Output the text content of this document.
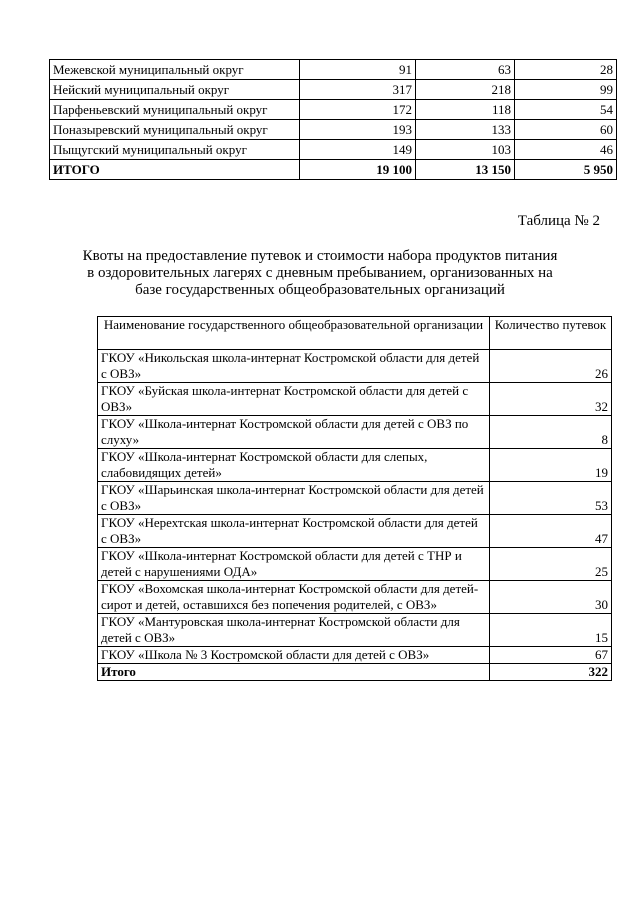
Межевской муниципальный округ	91	63	28
Нейский муниципальный округ	317	218	99
Парфеньевский муниципальный округ	172	118	54
Поназыревский муниципальный округ	193	133	60
Пыщугский муниципальный округ	149	103	46
ИТОГО	19 100	13 150	5 950

Таблица № 2

Квоты на предоставление путевок и стоимости набора продуктов питания в оздоровительных лагерях с дневным пребыванием, организованных на базе государственных общеобразовательных организаций

Наименование государственного общеобразовательной организации	Количество путевок
ГКОУ «Никольская школа-интернат Костромской области для детей с ОВЗ»	26
ГКОУ «Буйская школа-интернат Костромской области для детей с ОВЗ»	32
ГКОУ «Школа-интернат Костромской области для детей с ОВЗ по слуху»	8
ГКОУ «Школа-интернат Костромской области для слепых, слабовидящих детей»	19
ГКОУ «Шарьинская школа-интернат Костромской области для детей с ОВЗ»	53
ГКОУ «Нерехтская школа-интернат Костромской области для детей с ОВЗ»	47
ГКОУ «Школа-интернат Костромской области для детей с ТНР и детей с нарушениями ОДА»	25
ГКОУ «Вохомская школа-интернат Костромской области для детей-сирот и детей, оставшихся без попечения родителей, с ОВЗ»	30
ГКОУ «Мантуровская школа-интернат Костромской области для детей с ОВЗ»	15
ГКОУ «Школа № 3 Костромской области для детей с ОВЗ»	67
Итого	322
